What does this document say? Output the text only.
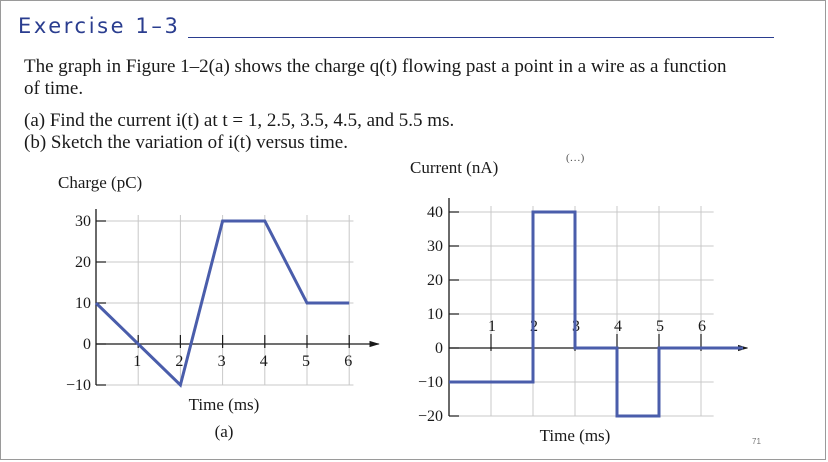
Exercise 1–3
The graph in Figure 1–2(a) shows the charge q(t) flowing past a point in a wire as a function
of time.
(a) Find the current i(t) at t = 1, 2.5, 3.5, 4.5, and 5.5 ms.
(b) Sketch the variation of i(t) versus time.
30
20
10
0
−10
1 2 3 4 5 6
Charge (pC)
Time (ms)
(a)
40
30
20
10
0
−10
−20
1 2 3 4 5 6
Current (nA)
Time (ms)
(…)
71
